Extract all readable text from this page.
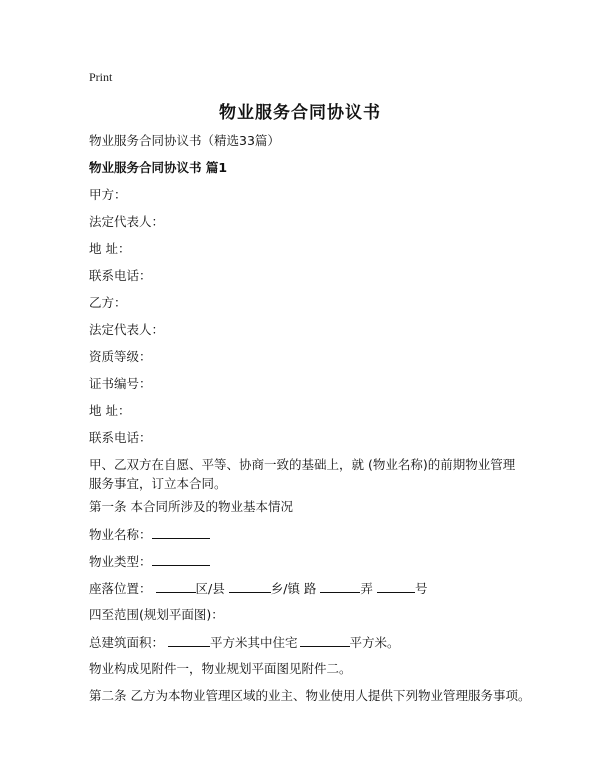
Print
物业服务合同协议书
物业服务合同协议书（精选33篇）
物业服务合同协议书 篇1
甲方：
法定代表人：
地 址：
联系电话：
乙方：
法定代表人：
资质等级：
证书编号：
地 址：
联系电话：
甲、乙双方在自愿、平等、协商一致的基础上，就 (物业名称)的前期物业管理服务事宜，订立本合同。
第一条 本合同所涉及的物业基本情况
物业名称：
物业类型：
座落位置：	区/县	乡/镇 路	弄	号
四至范围(规划平面图)：
总建筑面积：	平方米其中住宅	平方米。
物业构成见附件一，物业规划平面图见附件二。
第二条 乙方为本物业管理区域的业主、物业使用人提供下列物业管理服务事项。
